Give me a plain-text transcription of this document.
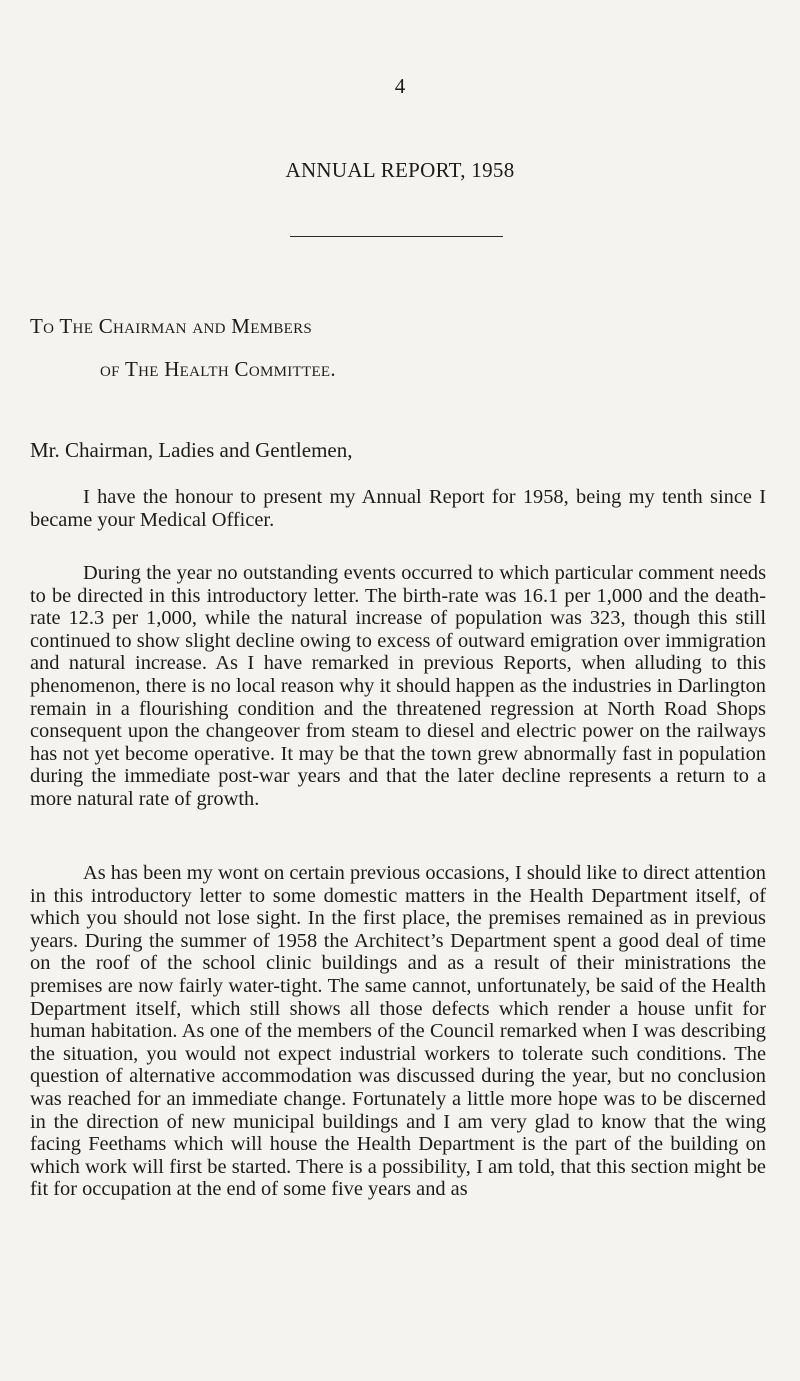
4
ANNUAL REPORT, 1958
To The Chairman and Members
of The Health Committee.
Mr. Chairman, Ladies and Gentlemen,

I have the honour to present my Annual Report for 1958, being my tenth since I became your Medical Officer.

During the year no outstanding events occurred to which particular comment needs to be directed in this introductory letter. The birth-rate was 16.1 per 1,000 and the death-rate 12.3 per 1,000, while the natural increase of population was 323, though this still continued to show slight decline owing to excess of outward emigration over immigration and natural increase. As I have remarked in previous Reports, when alluding to this phenomenon, there is no local reason why it should happen as the industries in Darlington remain in a flourishing condition and the threatened regression at North Road Shops consequent upon the changeover from steam to diesel and electric power on the railways has not yet become operative. It may be that the town grew abnormally fast in population during the immediate post-war years and that the later decline represents a return to a more natural rate of growth.

As has been my wont on certain previous occasions, I should like to direct attention in this introductory letter to some domestic matters in the Health Department itself, of which you should not lose sight. In the first place, the premises remained as in previous years. During the summer of 1958 the Architect’s Department spent a good deal of time on the roof of the school clinic buildings and as a result of their ministrations the premises are now fairly water-tight. The same cannot, unfortunately, be said of the Health Department itself, which still shows all those defects which render a house unfit for human habitation. As one of the members of the Council remarked when I was describing the situation, you would not expect industrial workers to tolerate such conditions. The question of alternative accommodation was discussed during the year, but no conclusion was reached for an immediate change. Fortunately a little more hope was to be discerned in the direction of new municipal buildings and I am very glad to know that the wing facing Feethams which will house the Health Department is the part of the building on which work will first be started. There is a possibility, I am told, that this section might be fit for occupation at the end of some five years and as
